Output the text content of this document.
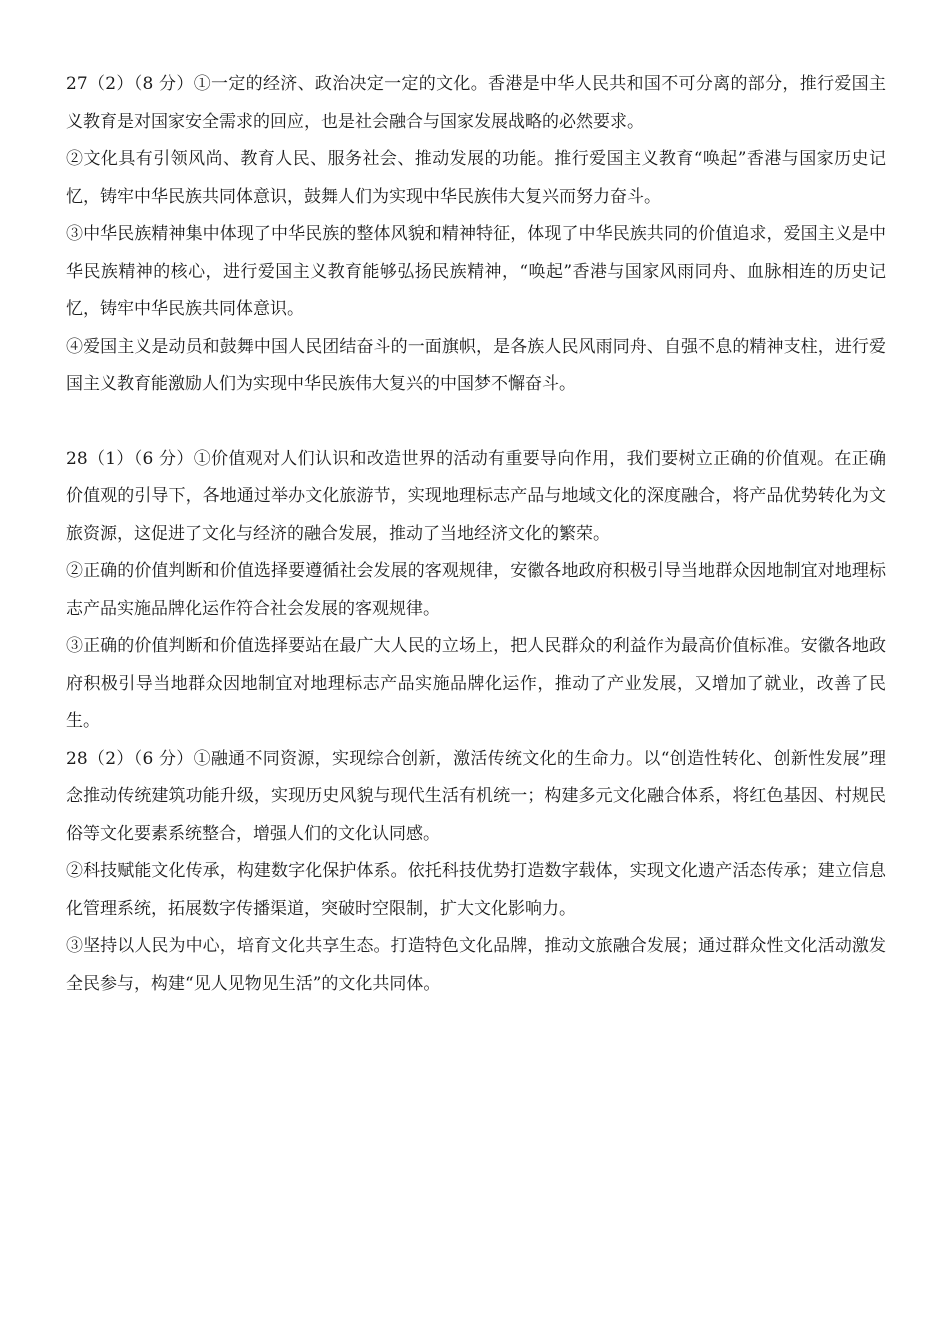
27（2）（8 分）①一定的经济、政治决定一定的文化。香港是中华人民共和国不可分离的部分，推行爱国主义教育是对国家安全需求的回应，也是社会融合与国家发展战略的必然要求。

②文化具有引领风尚、教育人民、服务社会、推动发展的功能。推行爱国主义教育“唤起”香港与国家历史记忆，铸牢中华民族共同体意识，鼓舞人们为实现中华民族伟大复兴而努力奋斗。

③中华民族精神集中体现了中华民族的整体风貌和精神特征，体现了中华民族共同的价值追求，爱国主义是中华民族精神的核心，进行爱国主义教育能够弘扬民族精神，“唤起”香港与国家风雨同舟、血脉相连的历史记忆，铸牢中华民族共同体意识。

④爱国主义是动员和鼓舞中国人民团结奋斗的一面旗帜，是各族人民风雨同舟、自强不息的精神支柱，进行爱国主义教育能激励人们为实现中华民族伟大复兴的中国梦不懈奋斗。

28（1）（6 分）①价值观对人们认识和改造世界的活动有重要导向作用，我们要树立正确的价值观。在正确价值观的引导下，各地通过举办文化旅游节，实现地理标志产品与地域文化的深度融合，将产品优势转化为文旅资源，这促进了文化与经济的融合发展，推动了当地经济文化的繁荣。

②正确的价值判断和价值选择要遵循社会发展的客观规律，安徽各地政府积极引导当地群众因地制宜对地理标志产品实施品牌化运作符合社会发展的客观规律。

③正确的价值判断和价值选择要站在最广大人民的立场上，把人民群众的利益作为最高价值标准。安徽各地政府积极引导当地群众因地制宜对地理标志产品实施品牌化运作，推动了产业发展，又增加了就业，改善了民生。

28（2）（6 分）①融通不同资源，实现综合创新，激活传统文化的生命力。以“创造性转化、创新性发展”理念推动传统建筑功能升级，实现历史风貌与现代生活有机统一；构建多元文化融合体系，将红色基因、村规民俗等文化要素系统整合，增强人们的文化认同感。

②科技赋能文化传承，构建数字化保护体系。依托科技优势打造数字载体，实现文化遗产活态传承；建立信息化管理系统，拓展数字传播渠道，突破时空限制，扩大文化影响力。

③坚持以人民为中心，培育文化共享生态。打造特色文化品牌，推动文旅融合发展；通过群众性文化活动激发全民参与，构建“见人见物见生活”的文化共同体。
